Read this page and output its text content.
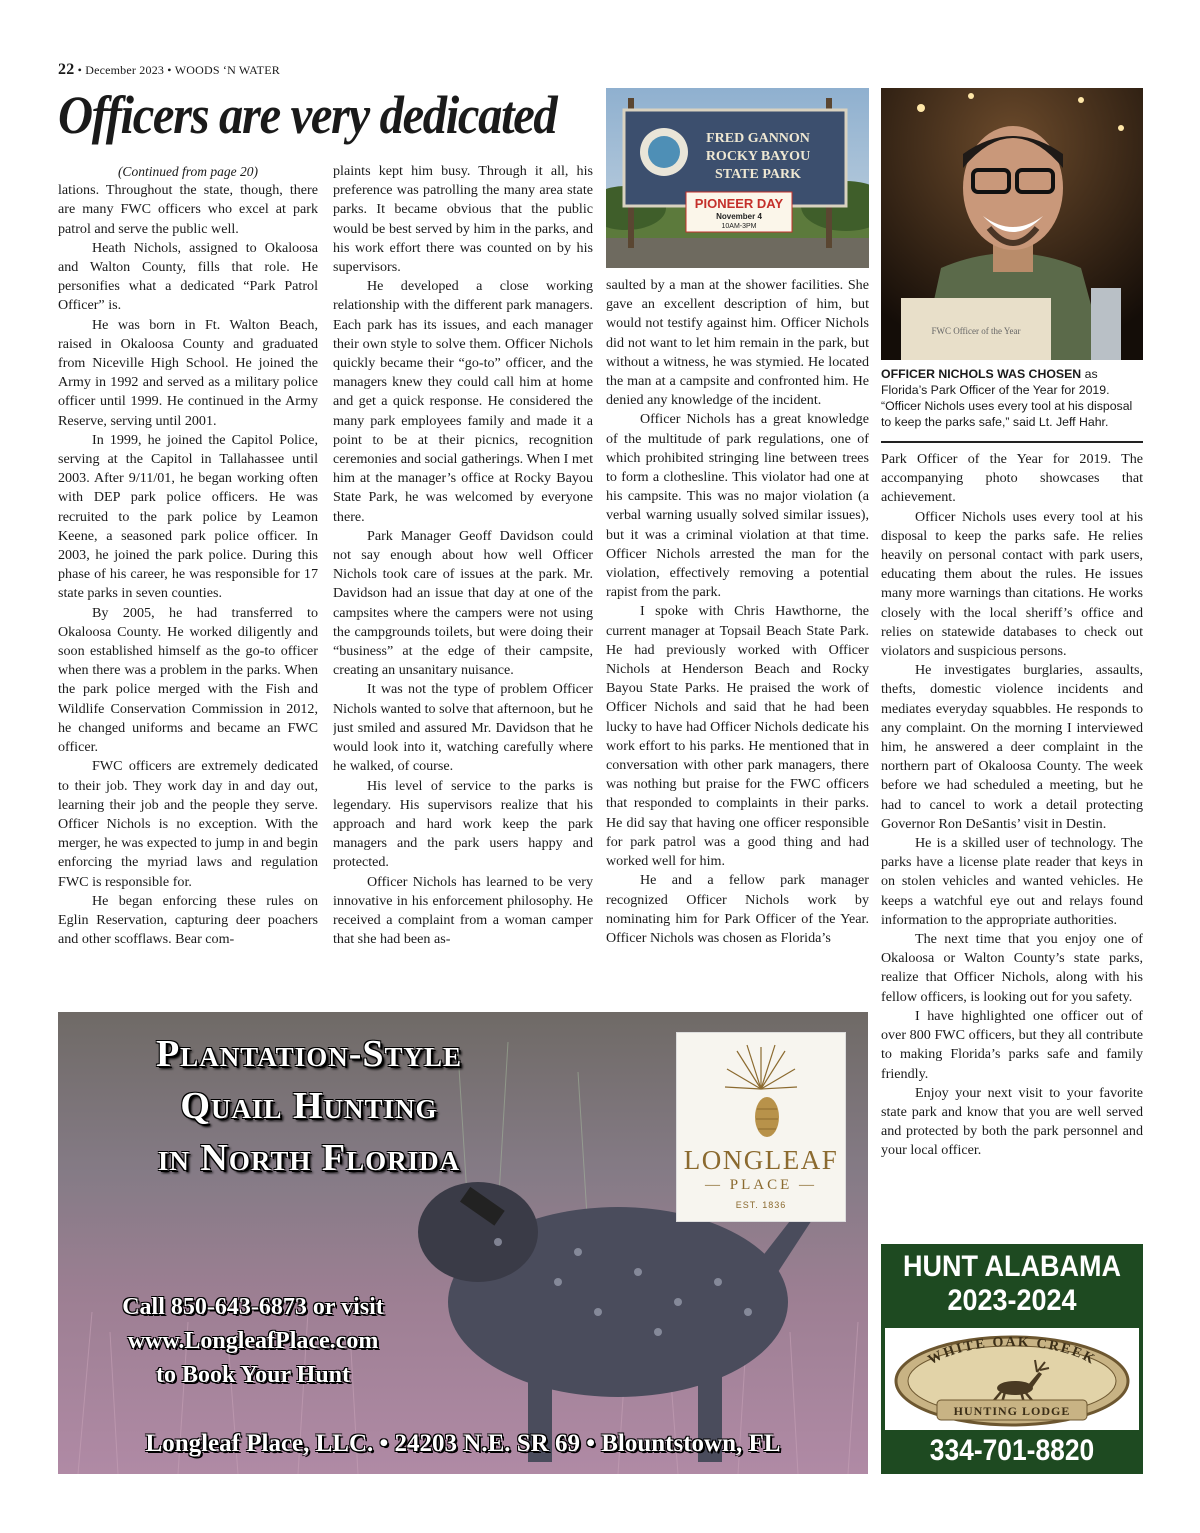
22 • December 2023 • WOODS ‘N WATER
Officers are very dedicated

(Continued from page 20)

lations. Throughout the state, though, there are many FWC officers who excel at park patrol and serve the public well.

Heath Nichols, assigned to Okaloosa and Walton County, fills that role. He personifies what a dedicated “Park Patrol Officer” is.

He was born in Ft. Walton Beach, raised in Okaloosa County and graduated from Niceville High School. He joined the Army in 1992 and served as a military police officer until 1999. He continued in the Army Reserve, serving until 2001.

In 1999, he joined the Capitol Police, serving at the Capitol in Tallahassee until 2003. After 9/11/01, he began working often with DEP park police officers. He was recruited to the park police by Leamon Keene, a seasoned park police officer. In 2003, he joined the park police. During this phase of his career, he was responsible for 17 state parks in seven counties.

By 2005, he had transferred to Okaloosa County. He worked diligently and soon established himself as the go-to officer when there was a problem in the parks. When the park police merged with the Fish and Wildlife Conservation Commission in 2012, he changed uniforms and became an FWC officer.

FWC officers are extremely dedicated to their job. They work day in and day out, learning their job and the people they serve. Officer Nichols is no exception. With the merger, he was expected to jump in and begin enforcing the myriad laws and regulation FWC is responsible for.

He began enforcing these rules on Eglin Reservation, capturing deer poachers and other scofflaws. Bear com-

plaints kept him busy. Through it all, his preference was patrolling the many area state parks. It became obvious that the public would be best served by him in the parks, and his work effort there was counted on by his supervisors.

He developed a close working relationship with the different park managers. Each park has its issues, and each manager their own style to solve them. Officer Nichols quickly became their “go-to” officer, and the managers knew they could call him at home and get a quick response. He considered the many park employees family and made it a point to be at their picnics, recognition ceremonies and social gatherings. When I met him at the manager’s office at Rocky Bayou State Park, he was welcomed by everyone there.

Park Manager Geoff Davidson could not say enough about how well Officer Nichols took care of issues at the park. Mr. Davidson had an issue that day at one of the campsites where the campers were not using the campgrounds toilets, but were doing their “business” at the edge of their campsite, creating an unsanitary nuisance.

It was not the type of problem Officer Nichols wanted to solve that afternoon, but he just smiled and assured Mr. Davidson that he would look into it, watching carefully where he walked, of course.

His level of service to the parks is legendary. His supervisors realize that his approach and hard work keep the park managers and the park users happy and protected.

Officer Nichols has learned to be very innovative in his enforcement philosophy. He received a complaint from a woman camper that she had been as-

FRED GANNON
ROCKY BAYOU
STATE PARK
PIONEER DAY
November 4
10AM-3PM

saulted by a man at the shower facilities. She gave an excellent description of him, but would not testify against him. Officer Nichols did not want to let him remain in the park, but without a witness, he was stymied. He located the man at a campsite and confronted him. He denied any knowledge of the incident.

Officer Nichols has a great knowledge of the multitude of park regulations, one of which prohibited stringing line between trees to form a clothesline. This violator had one at his campsite. This was no major violation (a verbal warning usually solved similar issues), but it was a criminal violation at that time. Officer Nichols arrested the man for the violation, effectively removing a potential rapist from the park.

I spoke with Chris Hawthorne, the current manager at Topsail Beach State Park. He had previously worked with Officer Nichols at Henderson Beach and Rocky Bayou State Parks. He praised the work of Officer Nichols and said that he had been lucky to have had Officer Nichols dedicate his work effort to his parks. He mentioned that in conversation with other park managers, there was nothing but praise for the FWC officers that responded to complaints in their parks. He did say that having one officer responsible for park patrol was a good thing and had worked well for him.

He and a fellow park manager recognized Officer Nichols work by nominating him for Park Officer of the Year. Officer Nichols was chosen as Florida’s

FWC Officer of the Year
OFFICER NICHOLS WAS CHOSEN as Florida’s Park Officer of the Year for 2019. “Officer Nichols uses every tool at his disposal to keep the parks safe,” said Lt. Jeff Hahr.

Park Officer of the Year for 2019. The accompanying photo showcases that achievement.

Officer Nichols uses every tool at his disposal to keep the parks safe. He relies heavily on personal contact with park users, educating them about the rules. He issues many more warnings than citations. He works closely with the local sheriff’s office and relies on statewide databases to check out violators and suspicious persons.

He investigates burglaries, assaults, thefts, domestic violence incidents and mediates everyday squabbles. He responds to any complaint. On the morning I interviewed him, he answered a deer complaint in the northern part of Okaloosa County. The week before we had scheduled a meeting, but he had to cancel to work a detail protecting Governor Ron DeSantis’ visit in Destin.

He is a skilled user of technology. The parks have a license plate reader that keys in on stolen vehicles and wanted vehicles. He keeps a watchful eye out and relays found information to the appropriate authorities.

The next time that you enjoy one of Okaloosa or Walton County’s state parks, realize that Officer Nichols, along with his fellow officers, is looking out for you safety.

I have highlighted one officer out of over 800 FWC officers, but they all contribute to making Florida’s parks safe and family friendly.

Enjoy your next visit to your favorite state park and know that you are well served and protected by both the park personnel and your local officer.

Plantation-Style
Quail Hunting
in North Florida	LONGLEAF
— PLACE —
EST. 1836
Call 850-643-6873 or visit
www.LongleafPlace.com
to Book Your Hunt
Longleaf Place, LLC. • 24203 N.E. SR 69 • Blountstown, FL
HUNT ALABAMA
2023-2024
WHITE OAK CREEK
HUNTING LODGE
334-701-8820
